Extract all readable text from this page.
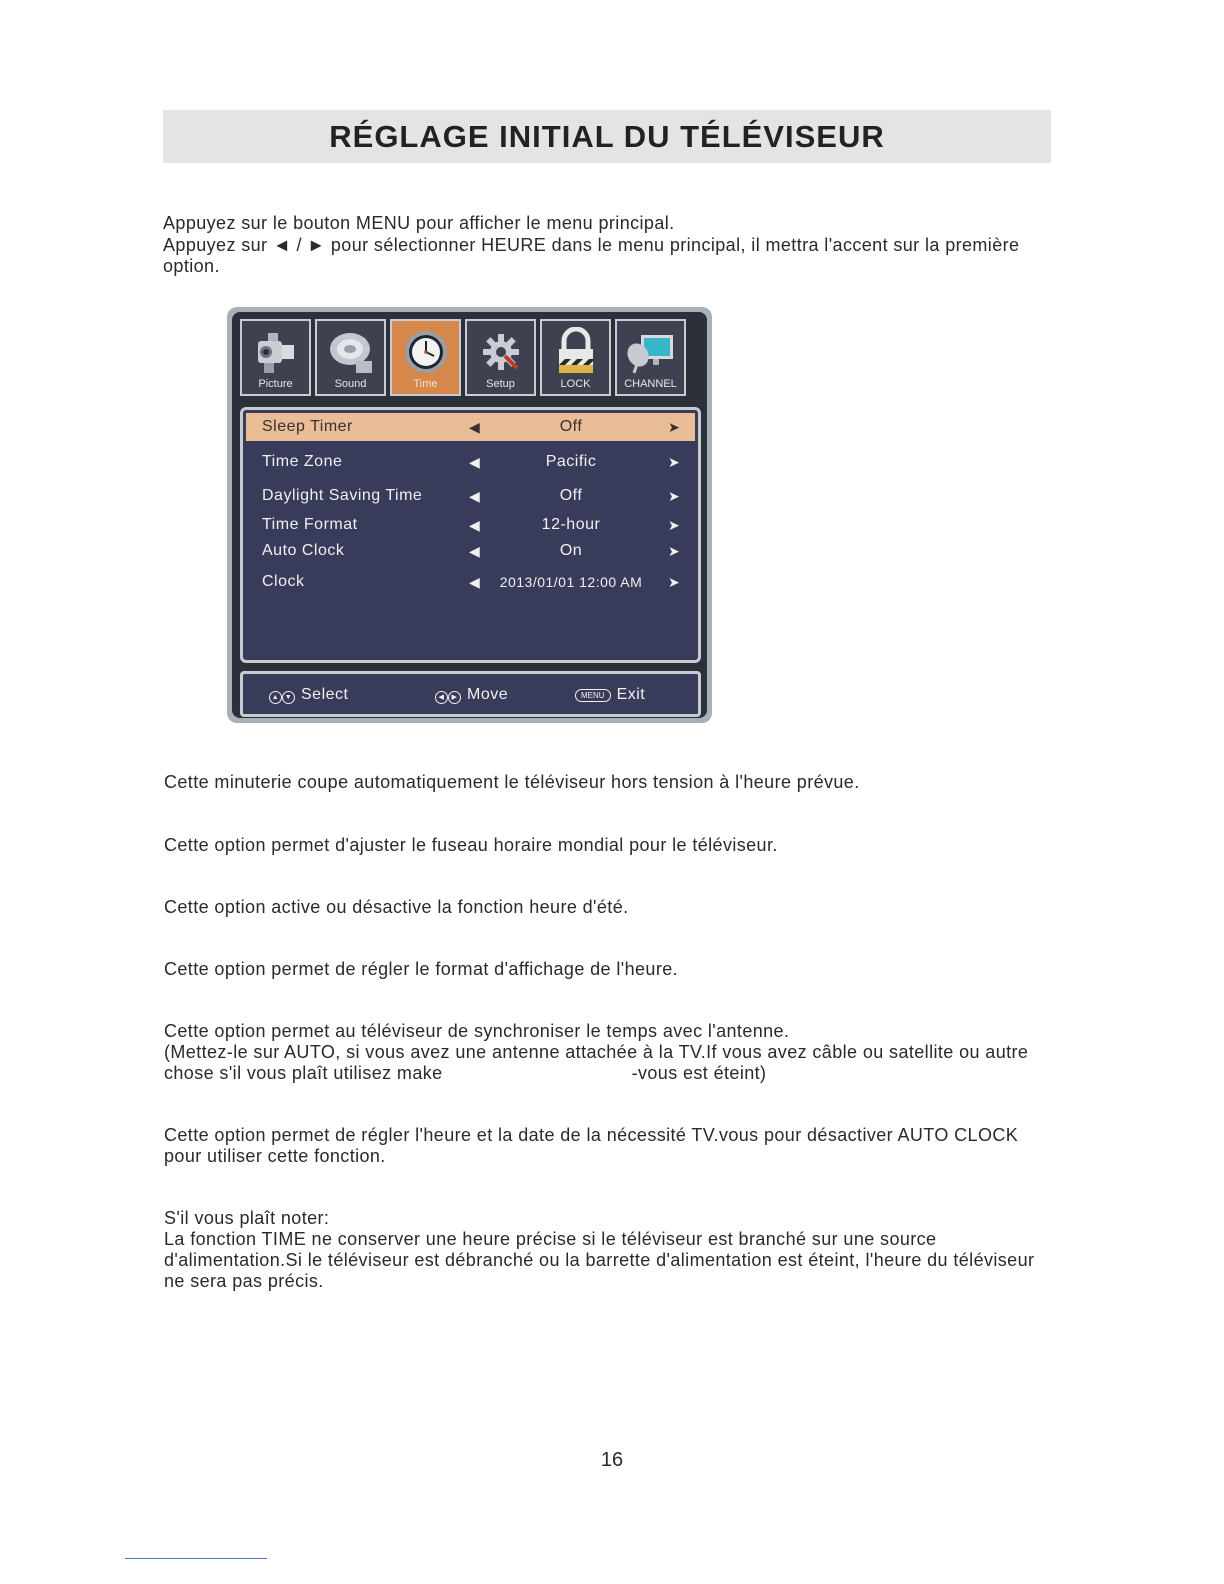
RÉGLAGE INITIAL DU TÉLÉVISEUR

Appuyez sur le bouton MENU pour afficher le menu principal.

Appuyez sur ◄ / ► pour sélectionner HEURE dans le menu principal, il mettra l'accent sur la première option.

Picture	Sound	Time	Setup	LOCK	CHANNEL
Sleep Timer	◀	Off	➤
Time Zone	◀	Pacific	➤
Daylight Saving Time	◀	Off	➤
Time Format	◀	12-hour	➤
Auto Clock	◀	On	➤
Clock	◀	2013/01/01 12:00 AM	➤
▲ ▼ Select	◀ ▶ Move	MENU Exit

Cette minuterie coupe automatiquement le téléviseur hors tension à l'heure prévue.

Cette option permet d'ajuster le fuseau horaire mondial pour le téléviseur.

Cette option active ou désactive la fonction heure d'été.

Cette option permet de régler le format d'affichage de l'heure.

Cette option permet au téléviseur de synchroniser le temps avec l'antenne.

(Mettez-le sur AUTO, si vous avez une antenne attachée à la TV.If vous avez câble ou satellite ou autre chose s'il vous plaît utilisez make                                   -vous est éteint)

Cette option permet de régler l'heure et la date de la nécessité TV.vous pour désactiver AUTO CLOCK pour utiliser cette fonction.

S'il vous plaît noter:

La fonction TIME ne conserver une heure précise si le téléviseur est branché sur une source d'alimentation.Si le téléviseur est débranché ou la barrette d'alimentation est éteint, l'heure du téléviseur ne sera pas précis.

16
